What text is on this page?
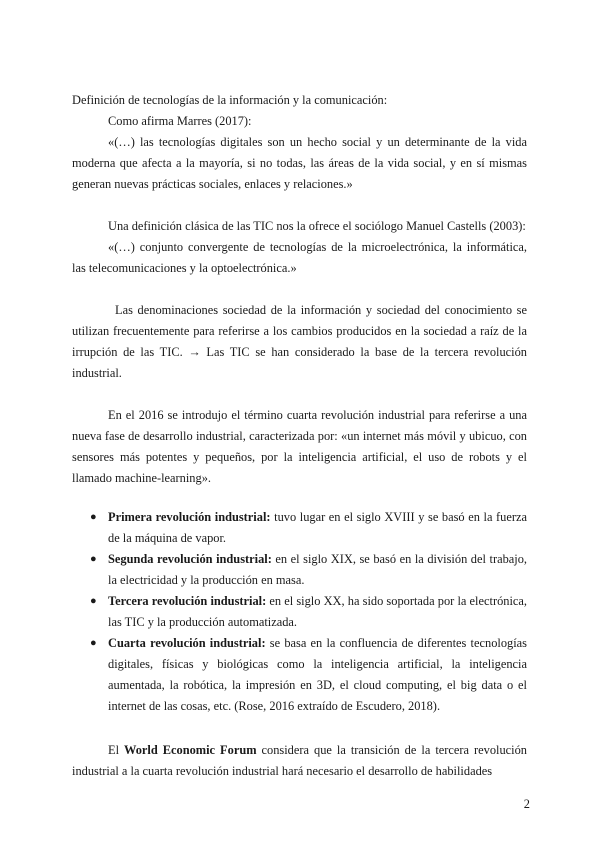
Definición de tecnologías de la información y la comunicación:

Como afirma Marres (2017):

«(…) las tecnologías digitales son un hecho social y un determinante de la vida moderna que afecta a la mayoría, si no todas, las áreas de la vida social, y en sí mismas generan nuevas prácticas sociales, enlaces y relaciones.»

Una definición clásica de las TIC nos la ofrece el sociólogo Manuel Castells (2003):

«(…) conjunto convergente de tecnologías de la microelectrónica, la informática, las telecomunicaciones y la optoelectrónica.»

Las denominaciones sociedad de la información y sociedad del conocimiento se utilizan frecuentemente para referirse a los cambios producidos en la sociedad a raíz de la irrupción de las TIC. → Las TIC se han considerado la base de la tercera revolución industrial.

En el 2016 se introdujo el término cuarta revolución industrial para referirse a una nueva fase de desarrollo industrial, caracterizada por: «un internet más móvil y ubicuo, con sensores más potentes y pequeños, por la inteligencia artificial, el uso de robots y el llamado machine-learning».

● Primera revolución industrial: tuvo lugar en el siglo XVIII y se basó en la fuerza de la máquina de vapor.
● Segunda revolución industrial: en el siglo XIX, se basó en la división del trabajo, la electricidad y la producción en masa.
● Tercera revolución industrial: en el siglo XX, ha sido soportada por la electrónica, las TIC y la producción automatizada.
● Cuarta revolución industrial: se basa en la confluencia de diferentes tecnologías digitales, físicas y biológicas como la inteligencia artificial, la inteligencia aumentada, la robótica, la impresión en 3D, el cloud computing, el big data o el internet de las cosas, etc. (Rose, 2016 extraído de Escudero, 2018).

El World Economic Forum considera que la transición de la tercera revolución industrial a la cuarta revolución industrial hará necesario el desarrollo de habilidades

2
